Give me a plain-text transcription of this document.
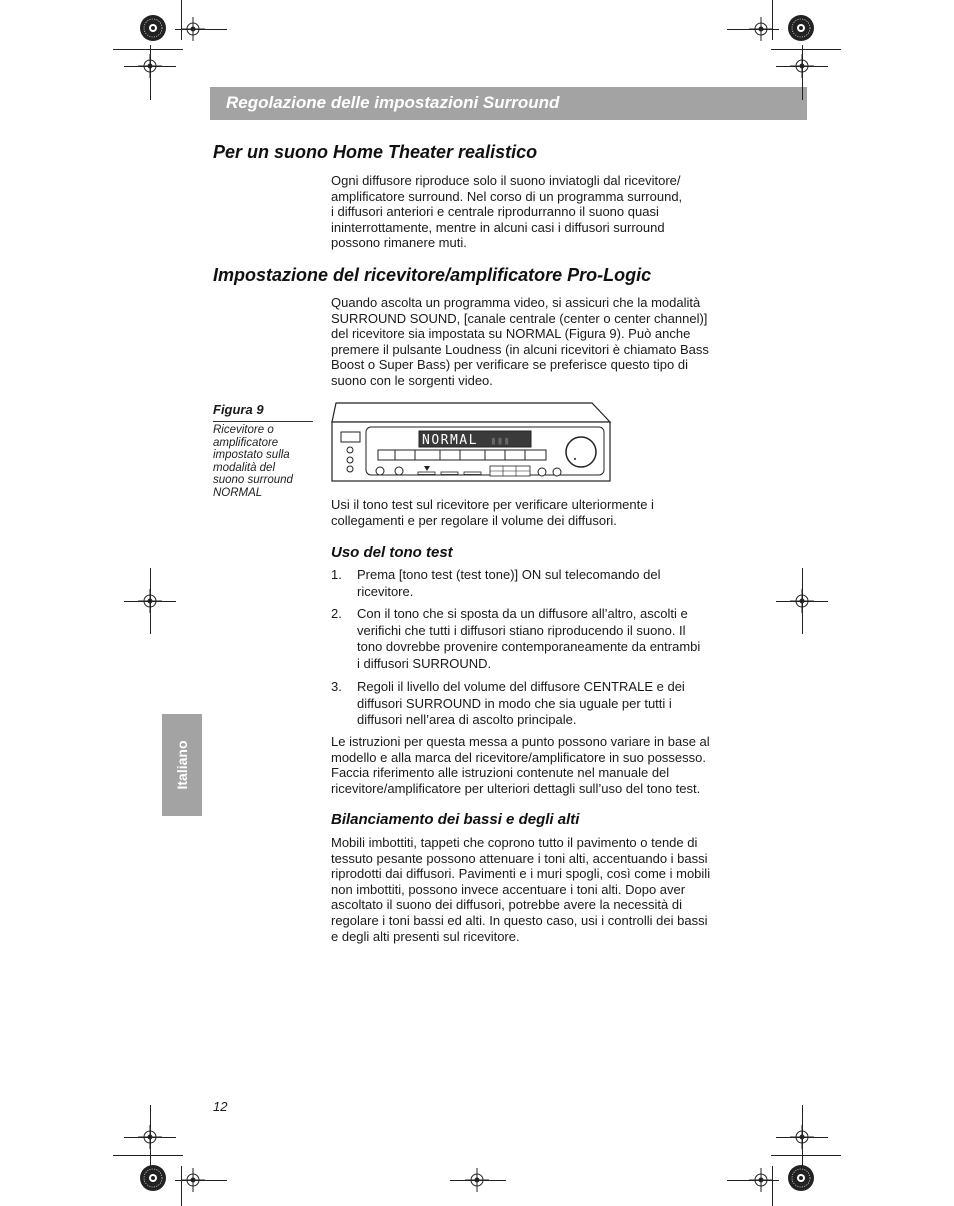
Regolazione delle impostazioni Surround
Per un suono Home Theater realistico

Ogni diffusore riproduce solo il suono inviatogli dal ricevitore/
amplificatore surround. Nel corso di un programma surround,
i diffusori anteriori e centrale riprodurranno il suono quasi
ininterrottamente, mentre in alcuni casi i diffusori surround
possono rimanere muti.

Impostazione del ricevitore/amplificatore Pro-Logic

Quando ascolta un programma video, si assicuri che la modalità
SURROUND SOUND, [canale centrale (center o center channel)]
del ricevitore sia impostata su NORMAL (Figura 9). Può anche
premere il pulsante Loudness (in alcuni ricevitori è chiamato Bass
Boost o Super Bass) per verificare se preferisce questo tipo di
suono con le sorgenti video.

Figura 9
Ricevitore o
amplificatore
impostato sulla
modalità del
suono surround
NORMAL
NORMAL ▮▮▮

Usi il tono test sul ricevitore per verificare ulteriormente i
collegamenti e per regolare il volume dei diffusori.

Uso del tono test
1. Prema [tono test (test tone)] ON sul telecomando del
ricevitore.
2. Con il tono che si sposta da un diffusore all’altro, ascolti e
verifichi che tutti i diffusori stiano riproducendo il suono. Il
tono dovrebbe provenire contemporaneamente da entrambi
i diffusori SURROUND.
3. Regoli il livello del volume del diffusore CENTRALE e dei
diffusori SURROUND in modo che sia uguale per tutti i
diffusori nell’area di ascolto principale.

Le istruzioni per questa messa a punto possono variare in base al
modello e alla marca del ricevitore/amplificatore in suo possesso.
Faccia riferimento alle istruzioni contenute nel manuale del
ricevitore/amplificatore per ulteriori dettagli sull’uso del tono test.

Bilanciamento dei bassi e degli alti

Mobili imbottiti, tappeti che coprono tutto il pavimento o tende di
tessuto pesante possono attenuare i toni alti, accentuando i bassi
riprodotti dai diffusori. Pavimenti e i muri spogli, così come i mobili
non imbottiti, possono invece accentuare i toni alti. Dopo aver
ascoltato il suono dei diffusori, potrebbe avere la necessità di
regolare i toni bassi ed alti. In questo caso, usi i controlli dei bassi
e degli alti presenti sul ricevitore.

Italiano
12
